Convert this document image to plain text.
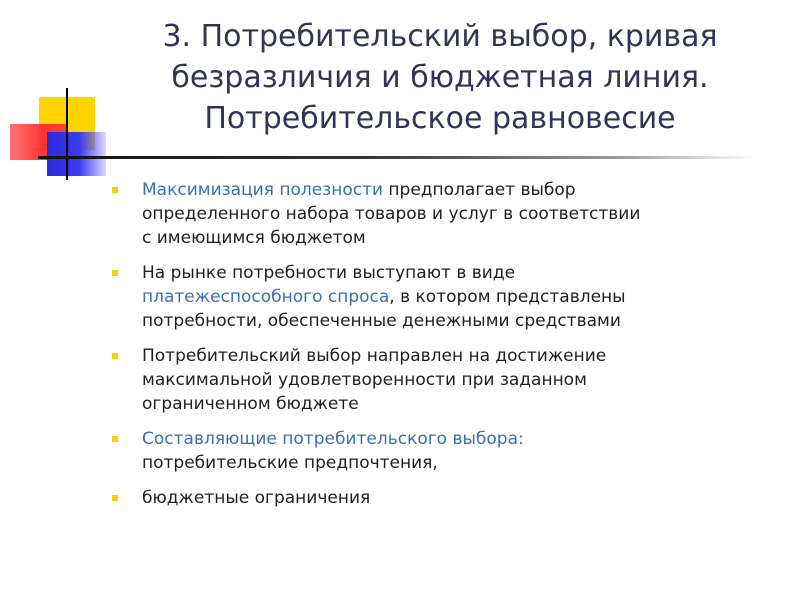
3. Потребительский выбор, кривая
безразличия и бюджетная линия.
Потребительское равновесие
Максимизация полезности предполагает выбор
определенного набора товаров и услуг в соответствии
с имеющимся бюджетом
На рынке потребности выступают в виде
платежеспособного спроса, в котором представлены
потребности, обеспеченные денежными средствами
Потребительский выбор направлен на достижение
максимальной удовлетворенности при заданном
ограниченном бюджете
Составляющие потребительского выбора:
потребительские предпочтения,
бюджетные ограничения
